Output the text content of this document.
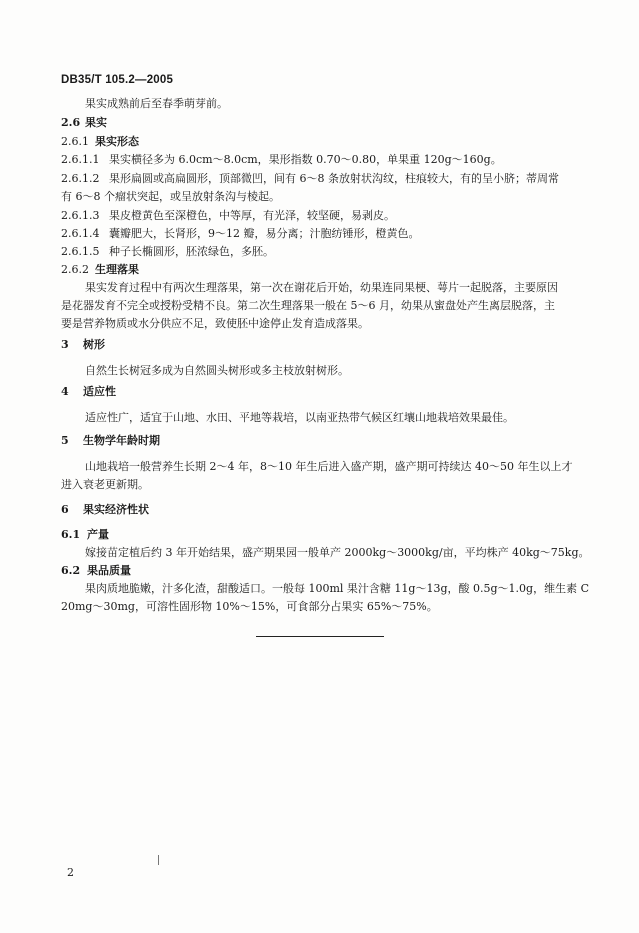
DB35/T 105.2—2005
果实成熟前后至春季萌芽前。
2.6 果实
2.6.1 果实形态
2.6.1.1 果实横径多为 6.0cm～8.0cm，果形指数 0.70～0.80，单果重 120g～160g。
2.6.1.2 果形扁圆或高扁圆形，顶部微凹，间有 6～8 条放射状沟纹，柱痕较大，有的呈小脐；蒂周常
有 6～8 个瘤状突起，或呈放射条沟与棱起。
2.6.1.3 果皮橙黄色至深橙色，中等厚，有光泽，较坚硬，易剥皮。
2.6.1.4 囊瓣肥大，长肾形，9～12 瓣，易分离；汁胞纺锤形，橙黄色。
2.6.1.5 种子长椭圆形，胚浓绿色，多胚。
2.6.2 生理落果
果实发育过程中有两次生理落果，第一次在谢花后开始，幼果连同果梗、萼片一起脱落，主要原因
是花器发育不完全或授粉受精不良。第二次生理落果一般在 5～6 月，幼果从蜜盘处产生离层脱落，主
要是营养物质或水分供应不足，致使胚中途停止发育造成落果。
3 树形
自然生长树冠多成为自然圆头树形或多主枝放射树形。
4 适应性
适应性广，适宜于山地、水田、平地等栽培，以南亚热带气候区红壤山地栽培效果最佳。
5 生物学年龄时期
山地栽培一般营养生长期 2～4 年，8～10 年生后进入盛产期，盛产期可持续达 40～50 年生以上才
进入衰老更新期。
6 果实经济性状
6.1 产量
嫁接苗定植后约 3 年开始结果，盛产期果园一般单产 2000kg～3000kg/亩，平均株产 40kg～75kg。
6.2 果品质量
果肉质地脆嫩，汁多化渣，甜酸适口。一般每 100ml 果汁含糖 11g～13g，酸 0.5g～1.0g，维生素 C
20mg～30mg，可溶性固形物 10%～15%，可食部分占果实 65%～75%。
2
